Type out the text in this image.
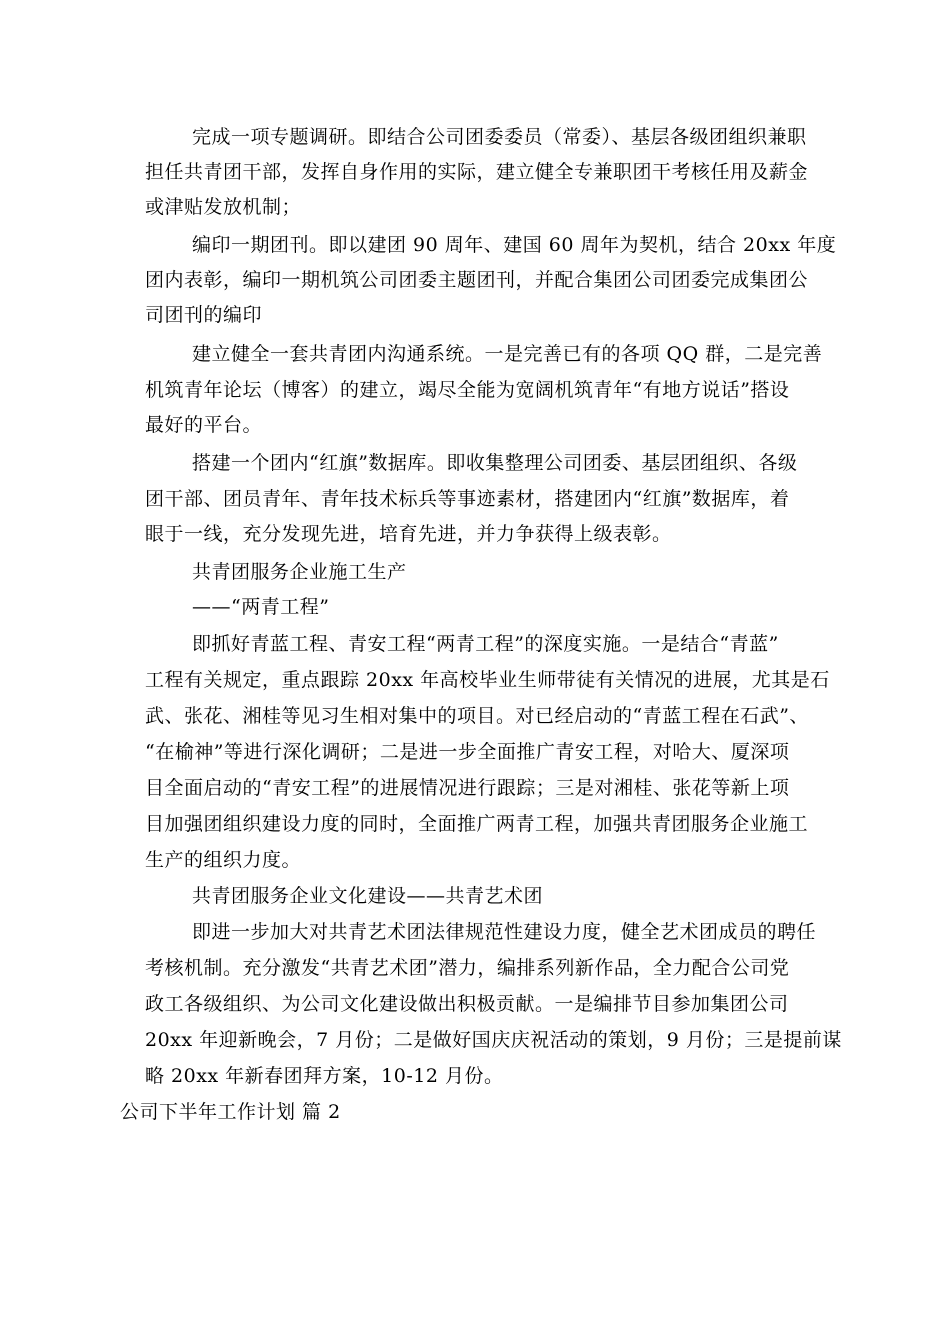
完成一项专题调研。即结合公司团委委员（常委）、基层各级团组织兼职
担任共青团干部，发挥自身作用的实际，建立健全专兼职团干考核任用及薪金
或津贴发放机制；
编印一期团刊。即以建团 90 周年、建国 60 周年为契机，结合 20xx 年度
团内表彰，编印一期机筑公司团委主题团刊，并配合集团公司团委完成集团公
司团刊的编印
建立健全一套共青团内沟通系统。一是完善已有的各项 QQ 群，二是完善
机筑青年论坛（博客）的建立，竭尽全能为宽阔机筑青年“有地方说话”搭设
最好的平台。
搭建一个团内“红旗”数据库。即收集整理公司团委、基层团组织、各级
团干部、团员青年、青年技术标兵等事迹素材，搭建团内“红旗”数据库，着
眼于一线，充分发现先进，培育先进，并力争获得上级表彰。
共青团服务企业施工生产
——“两青工程”
即抓好青蓝工程、青安工程“两青工程”的深度实施。一是结合“青蓝”
工程有关规定，重点跟踪 20xx 年高校毕业生师带徒有关情况的进展，尤其是石
武、张花、湘桂等见习生相对集中的项目。对已经启动的“青蓝工程在石武”、
“在榆神”等进行深化调研；二是进一步全面推广青安工程，对哈大、厦深项
目全面启动的“青安工程”的进展情况进行跟踪；三是对湘桂、张花等新上项
目加强团组织建设力度的同时，全面推广两青工程，加强共青团服务企业施工
生产的组织力度。
共青团服务企业文化建设——共青艺术团
即进一步加大对共青艺术团法律规范性建设力度，健全艺术团成员的聘任
考核机制。充分激发“共青艺术团”潜力，编排系列新作品，全力配合公司党
政工各级组织、为公司文化建设做出积极贡献。一是编排节目参加集团公司
20xx 年迎新晚会，7 月份；二是做好国庆庆祝活动的策划，9 月份；三是提前谋
略 20xx 年新春团拜方案，10-12 月份。
公司下半年工作计划 篇 2
